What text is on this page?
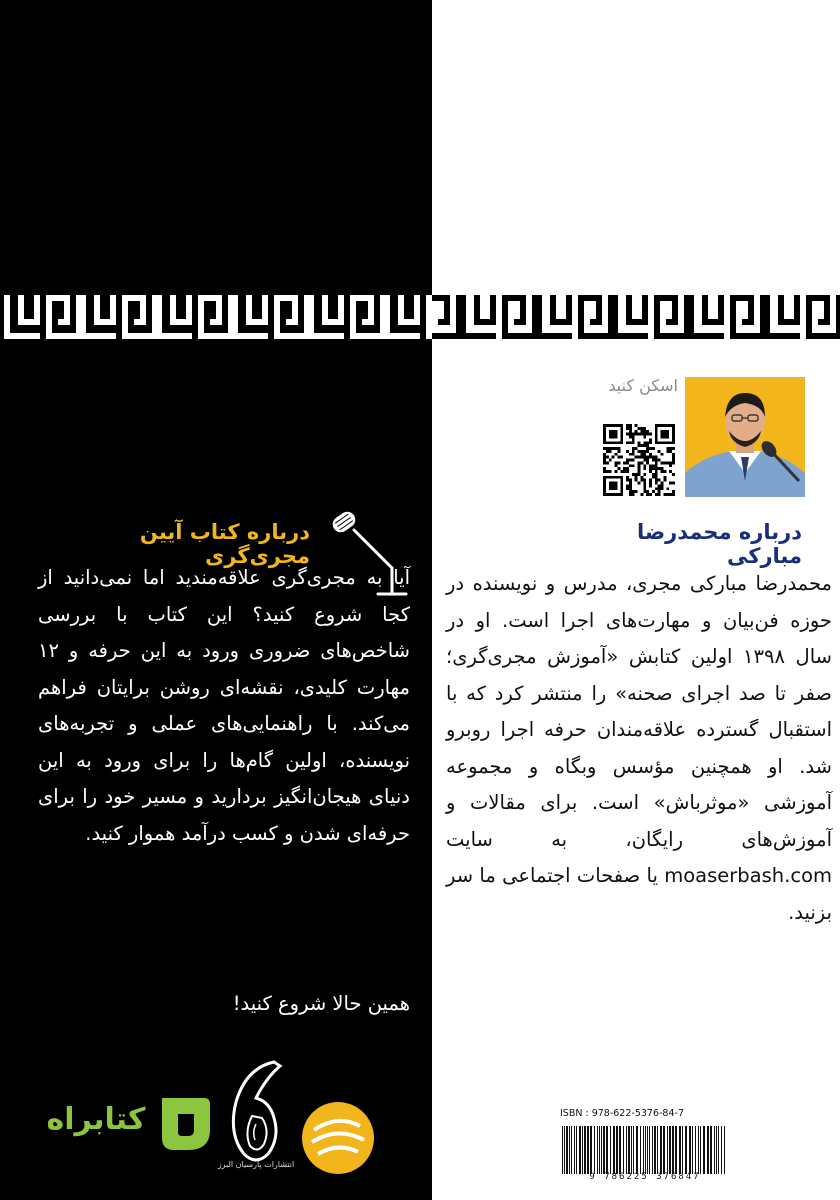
اسکن کنید
درباره محمدرضا مبارکی
محمدرضا مبارکی مجری، مدرس و نویسنده در حوزه فن‌بیان و مهارت‌های اجرا است. او در سال ۱۳۹۸ اولین کتابش «آموزش مجری‌گری؛ صفر تا صد اجرای صحنه» را منتشر کرد که با استقبال گسترده علاقه‌مندان حرفه اجرا روبرو شد. او همچنین مؤسس وبگاه و مجموعه آموزشی «موثرباش» است. برای مقالات و آموزش‌های رایگان، به سایت moaserbash.com یا صفحات اجتماعی ما سر بزنید.
درباره کتاب آیین مجری‌گری
آیا به مجری‌گری علاقه‌مندید اما نمی‌دانید از کجا شروع کنید؟ این کتاب با بررسی شاخص‌های ضروری ورود به این حرفه و ۱۲ مهارت کلیدی، نقشه‌ای روشن برایتان فراهم می‌کند. با راهنمایی‌های عملی و تجربه‌های نویسنده، اولین گام‌ها را برای ورود به این دنیای هیجان‌انگیز بردارید و مسیر خود را برای حرفه‌ای شدن و کسب درآمد هموار کنید.
همین حالا شروع کنید!
کتابراه
انتشارات پارسیان البرز
ISBN : 978-622-5376-84-7
9 786225 376847
